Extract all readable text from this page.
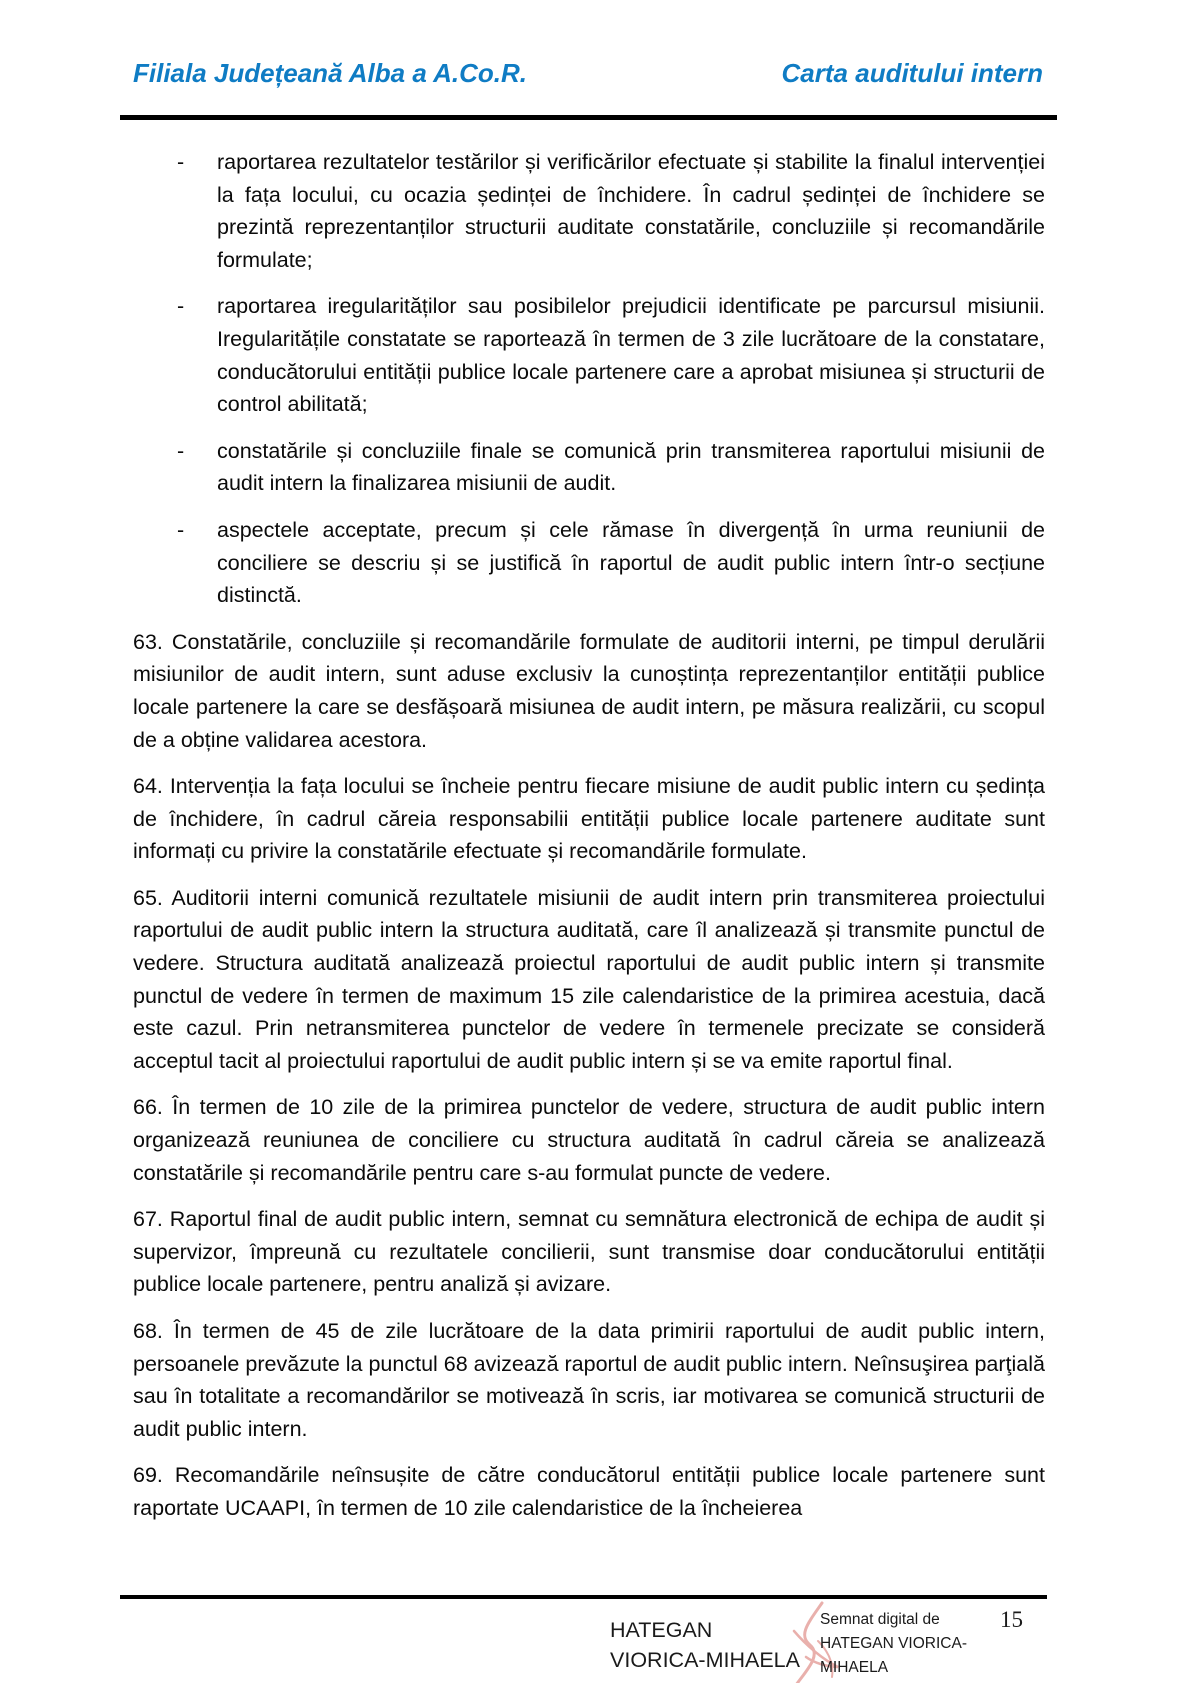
Filiala Județeană Alba a A.Co.R.	Carta auditului intern
-	raportarea rezultatelor testărilor și verificărilor efectuate și stabilite la finalul intervenției la fața locului, cu ocazia ședinței de închidere. În cadrul ședinței de închidere se prezintă reprezentanților structurii auditate constatările, concluziile și recomandările formulate;
-	raportarea iregularităților sau posibilelor prejudicii identificate pe parcursul misiunii. Iregularitățile constatate se raportează în termen de 3 zile lucrătoare de la constatare, conducătorului entității publice locale partenere care a aprobat misiunea și structurii de control abilitată;
-	constatările și concluziile finale se comunică prin transmiterea raportului misiunii de audit intern la finalizarea misiunii de audit.
-	aspectele acceptate, precum și cele rămase în divergență în urma reuniunii de conciliere se descriu și se justifică în raportul de audit public intern într-o secțiune distinctă.
63. Constatările, concluziile și recomandările formulate de auditorii interni, pe timpul derulării misiunilor de audit intern, sunt aduse exclusiv la cunoștința reprezentanților entității publice locale partenere la care se desfășoară misiunea de audit intern, pe măsura realizării, cu scopul de a obține validarea acestora.
64. Intervenția la fața locului se încheie pentru fiecare misiune de audit public intern cu ședința de închidere, în cadrul căreia responsabilii entității publice locale partenere auditate sunt informați cu privire la constatările efectuate și recomandările formulate.
65. Auditorii interni comunică rezultatele misiunii de audit intern prin transmiterea proiectului raportului de audit public intern la structura auditată, care îl analizează și transmite punctul de vedere. Structura auditată analizează proiectul raportului de audit public intern și transmite punctul de vedere în termen de maximum 15 zile calendaristice de la primirea acestuia, dacă este cazul. Prin netransmiterea punctelor de vedere în termenele precizate se consideră acceptul tacit al proiectului raportului de audit public intern și se va emite raportul final.
66. În termen de 10 zile de la primirea punctelor de vedere, structura de audit public intern organizează reuniunea de conciliere cu structura auditată în cadrul căreia se analizează constatările și recomandările pentru care s-au formulat puncte de vedere.
67. Raportul final de audit public intern, semnat cu semnătura electronică de echipa de audit și supervizor, împreună cu rezultatele concilierii, sunt transmise doar conducătorului entității publice locale partenere, pentru analiză și avizare.
68. În termen de 45 de zile lucrătoare de la data primirii raportului de audit public intern, persoanele prevăzute la punctul 68 avizează raportul de audit public intern. Neînsuşirea parţială sau în totalitate a recomandărilor se motivează în scris, iar motivarea se comunică structurii de audit public intern.
69. Recomandările neînsușite de către conducătorul entității publice locale partenere sunt raportate UCAAPI, în termen de 10 zile calendaristice de la încheierea
HATEGAN
VIORICA-MIHAELA
Semnat digital de
HATEGAN VIORICA-
MIHAELA
15
